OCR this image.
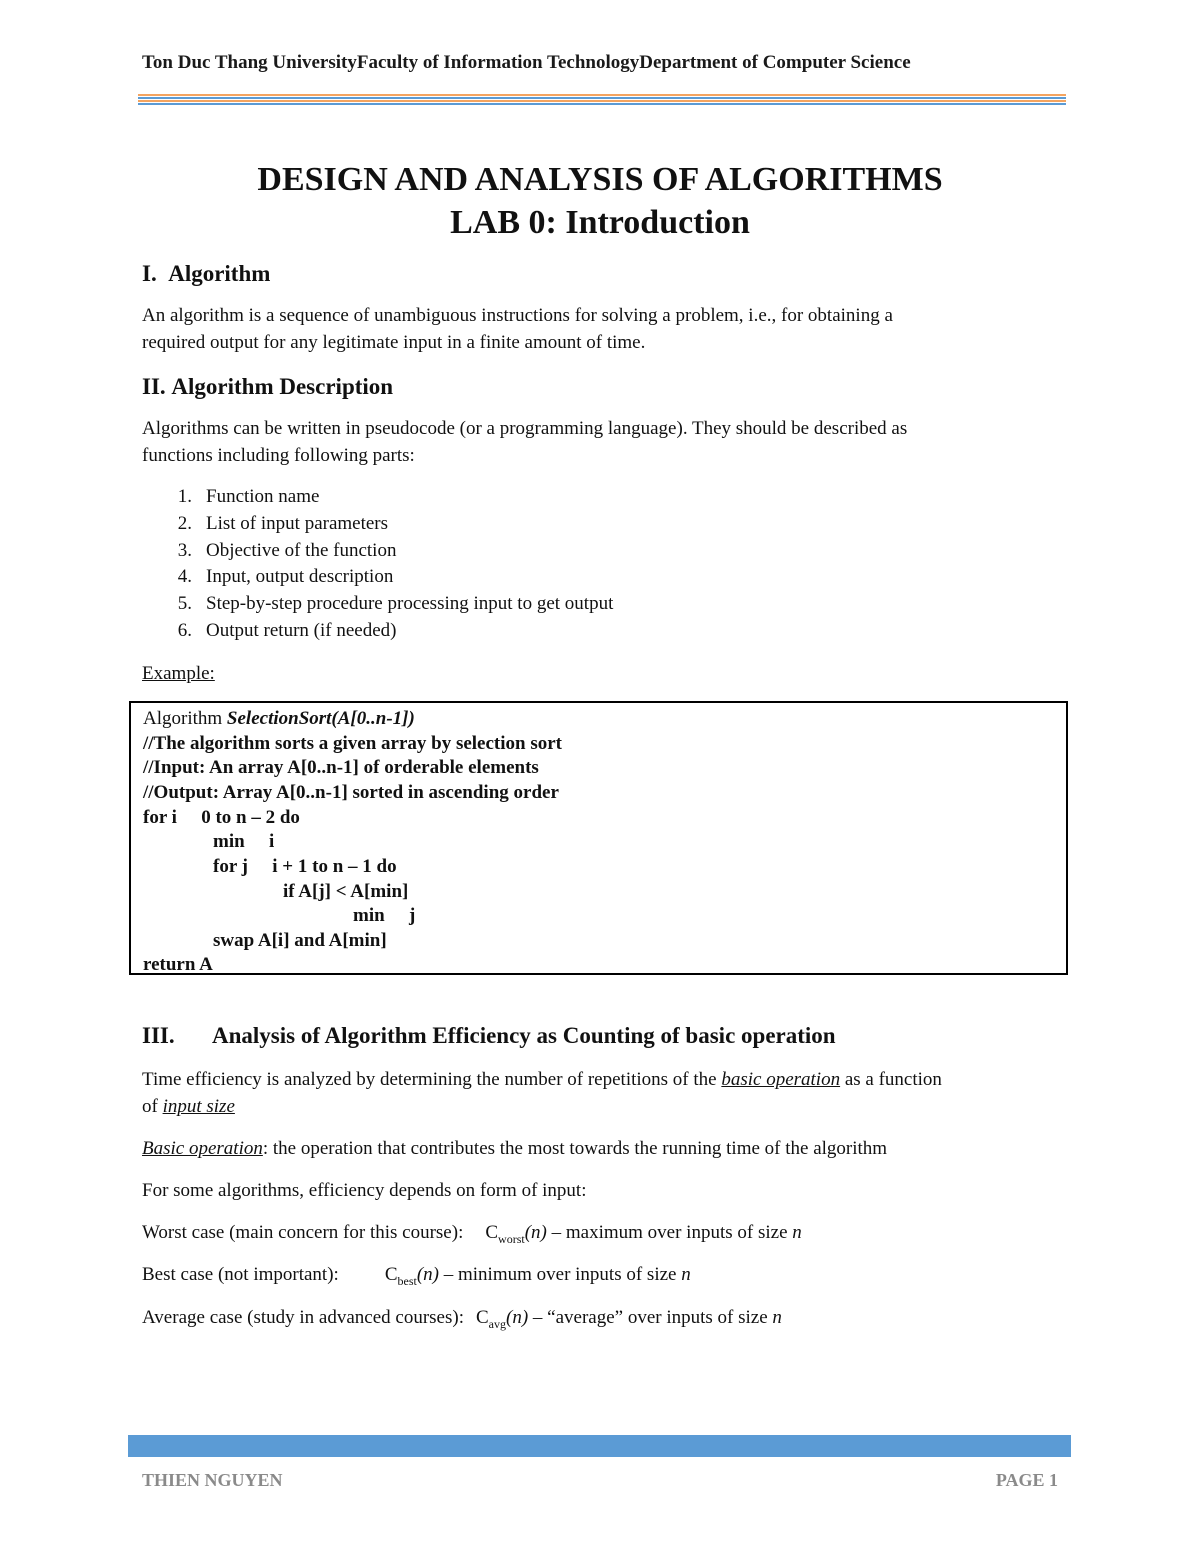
Ton Duc Thang UniversityFaculty of Information TechnologyDepartment of Computer Science
DESIGN AND ANALYSIS OF ALGORITHMS
LAB 0: Introduction
I. Algorithm
An algorithm is a sequence of unambiguous instructions for solving a problem, i.e., for obtaining a
required output for any legitimate input in a finite amount of time.
II. Algorithm Description
Algorithms can be written in pseudocode (or a programming language). They should be described as
functions including following parts:
1. Function name
2. List of input parameters
3. Objective of the function
4. Input, output description
5. Step-by-step procedure processing input to get output
6. Output return (if needed)
Example:
Algorithm SelectionSort(A[0..n-1])
//The algorithm sorts a given array by selection sort
//Input: An array A[0..n-1] of orderable elements
//Output: Array A[0..n-1] sorted in ascending order
for i   0 to n – 2 do
min   i
for j   i + 1 to n – 1 do
if A[j] < A[min]
min   j
swap A[i] and A[min]
return A
III. Analysis of Algorithm Efficiency as Counting of basic operation
Time efficiency is analyzed by determining the number of repetitions of the basic operation as a function
of input size
Basic operation: the operation that contributes the most towards the running time of the algorithm
For some algorithms, efficiency depends on form of input:
Worst case (main concern for this course): $C_{worst}(n)$ – maximum over inputs of size n
Best case (not important): $C_{best}(n)$ – minimum over inputs of size n
Average case (study in advanced courses): $C_{avg}(n)$ – “average” over inputs of size n
THIEN NGUYEN	PAGE 1
